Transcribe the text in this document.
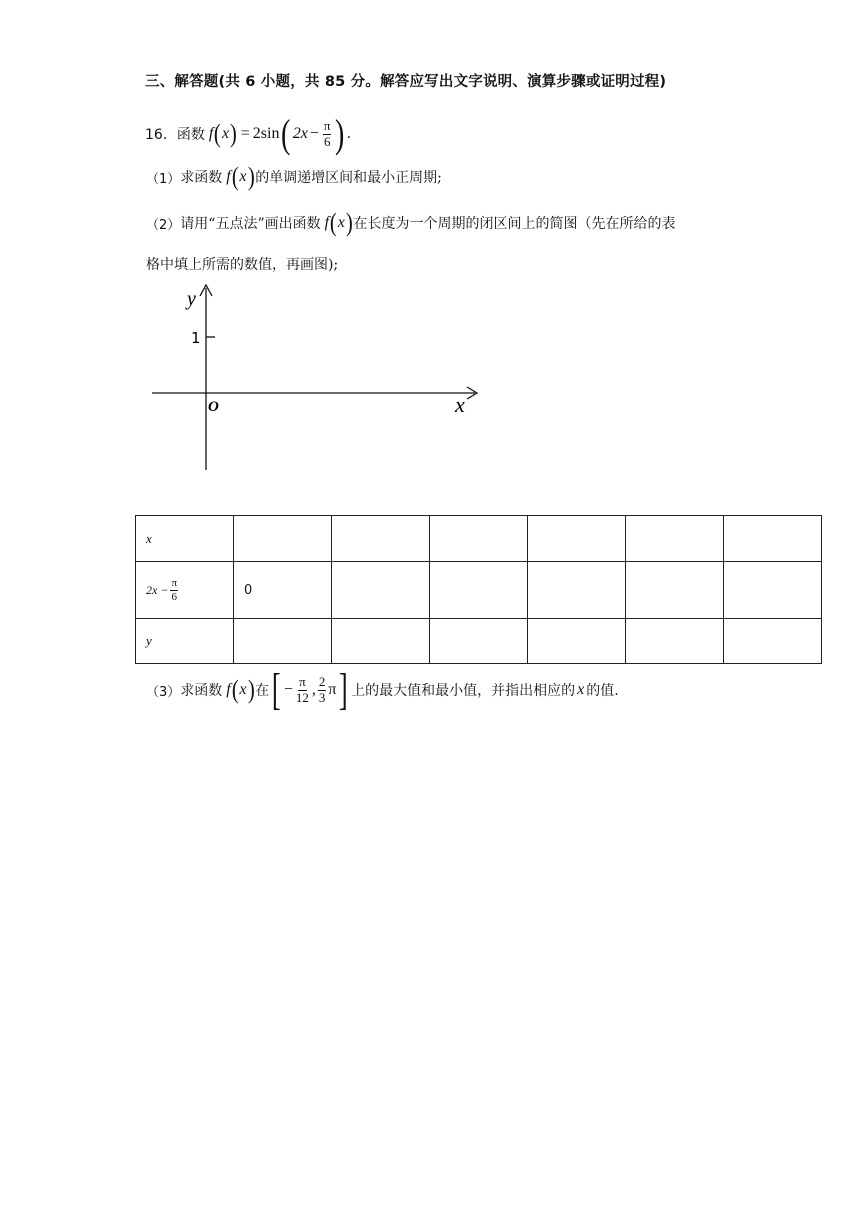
三、解答题(共 6 小题，共 85 分。解答应写出文字说明、演算步骤或证明过程)
16． 函数 f ( x ) = 2 sin ( $2x - \frac{\pi}{6}$ ) .
（1） 求函数 f ( x ) 的单调递增区间和最小正周期;
（2） 请用“五点法”画出函数 f ( x ) 在长度为一个周期的闭区间上的简图（先在所给的表
格中填上所需的数值，再画图);
y
x
O
1
x						

$2x - \frac{\pi}{6}$	0					
y						
（3） 求函数 f ( x ) 在 [ − $\frac{\pi}{12}$ , $\frac{2}{3}$ π ] 上的最大值和最小值，并指出相应的 x 的值.
